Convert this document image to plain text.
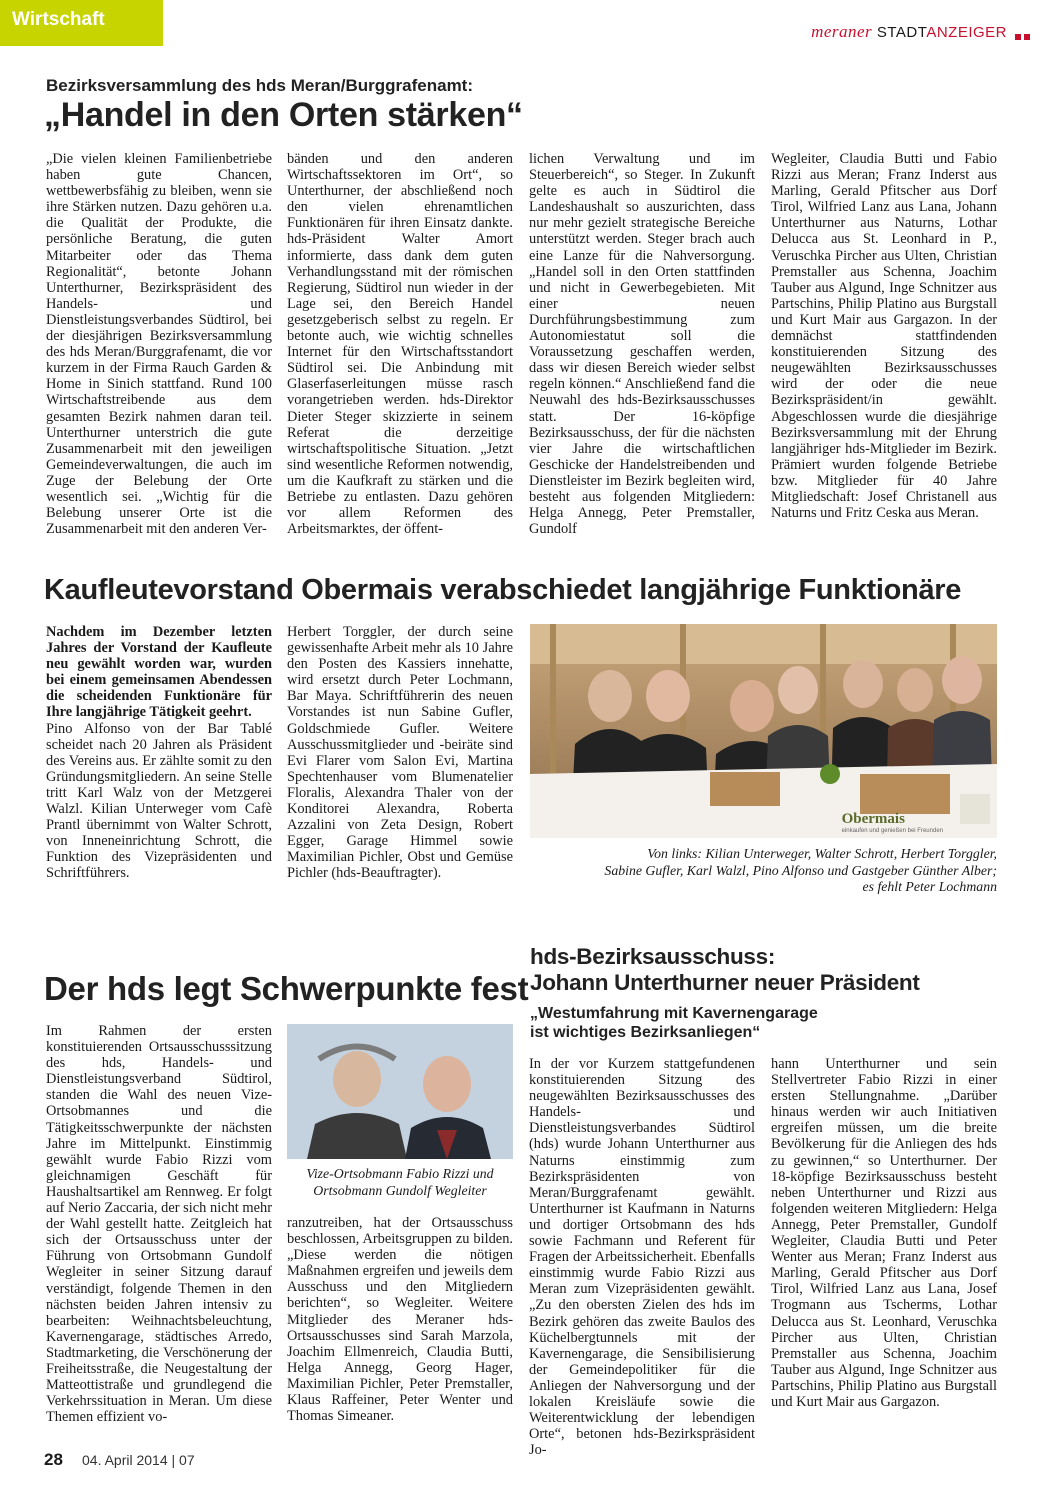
Wirtschaft
meraner STADTANZEIGER
Bezirksversammlung des hds Meran/Burggrafenamt:
„Handel in den Orten stärken“

„Die vielen kleinen Familienbetriebe haben gute Chancen, wettbewerbsfähig zu bleiben, wenn sie ihre Stärken nutzen. Dazu gehören u.a. die Qualität der Produkte, die persönliche Beratung, die guten Mitarbeiter oder das Thema Regionalität“, betonte Johann Unterthurner, Bezirkspräsident des Handels- und Dienstleistungsverbandes Südtirol, bei der diesjährigen Bezirksversammlung des hds Meran/Burggrafenamt, die vor kurzem in der Firma Rauch Garden & Home in Sinich stattfand. Rund 100 Wirtschaftstreibende aus dem gesamten Bezirk nahmen daran teil. Unterthurner unterstrich die gute Zusammenarbeit mit den jeweiligen Gemeindeverwaltungen, die auch im Zuge der Belebung der Orte wesentlich sei. „Wichtig für die Belebung unserer Orte ist die Zusammenarbeit mit den anderen Ver-

bänden und den anderen Wirtschaftssektoren im Ort“, so Unterthurner, der abschließend noch den vielen ehrenamtlichen Funktionären für ihren Einsatz dankte. hds-Präsident Walter Amort informierte, dass dank dem guten Verhandlungsstand mit der römischen Regierung, Südtirol nun wieder in der Lage sei, den Bereich Handel gesetzgeberisch selbst zu regeln. Er betonte auch, wie wichtig schnelles Internet für den Wirtschaftsstandort Südtirol sei. Die Anbindung mit Glaserfaserleitungen müsse rasch vorangetrieben werden. hds-Direktor Dieter Steger skizzierte in seinem Referat die derzeitige wirtschaftspolitische Situation. „Jetzt sind wesentliche Reformen notwendig, um die Kaufkraft zu stärken und die Betriebe zu entlasten. Dazu gehören vor allem Reformen des Arbeitsmarktes, der öffent-

lichen Verwaltung und im Steuerbereich“, so Steger. In Zukunft gelte es auch in Südtirol die Landeshaushalt so auszurichten, dass nur mehr gezielt strategische Bereiche unterstützt werden. Steger brach auch eine Lanze für die Nahversorgung. „Handel soll in den Orten stattfinden und nicht in Gewerbegebieten. Mit einer neuen Durchführungsbestimmung zum Autonomiestatut soll die Voraussetzung geschaffen werden, dass wir diesen Bereich wieder selbst regeln können.“ Anschließend fand die Neuwahl des hds-Bezirksausschusses statt. Der 16-köpfige Bezirksausschuss, der für die nächsten vier Jahre die wirtschaftlichen Geschicke der Handelstreibenden und Dienstleister im Bezirk begleiten wird, besteht aus folgenden Mitgliedern: Helga Annegg, Peter Premstaller, Gundolf

Wegleiter, Claudia Butti und Fabio Rizzi aus Meran; Franz Inderst aus Marling, Gerald Pfitscher aus Dorf Tirol, Wilfried Lanz aus Lana, Johann Unterthurner aus Naturns, Lothar Delucca aus St. Leonhard in P., Veruschka Pircher aus Ulten, Christian Premstaller aus Schenna, Joachim Tauber aus Algund, Inge Schnitzer aus Partschins, Philip Platino aus Burgstall und Kurt Mair aus Gargazon. In der demnächst stattfindenden konstituierenden Sitzung des neugewählten Bezirksausschusses wird der oder die neue Bezirkspräsident/in gewählt. Abgeschlossen wurde die diesjährige Bezirksversammlung mit der Ehrung langjähriger hds-Mitglieder im Bezirk. Prämiert wurden folgende Betriebe bzw. Mitglieder für 40 Jahre Mitgliedschaft: Josef Christanell aus Naturns und Fritz Ceska aus Meran.

Kaufleutevorstand Obermais verabschiedet langjährige Funktionäre

Nachdem im Dezember letzten Jahres der Vorstand der Kaufleute neu gewählt worden war, wurden bei einem gemeinsamen Abendessen die scheidenden Funktionäre für Ihre langjährige Tätigkeit geehrt.

Pino Alfonso von der Bar Tablé scheidet nach 20 Jahren als Präsident des Vereins aus. Er zählte somit zu den Gründungsmitgliedern. An seine Stelle tritt Karl Walz von der Metzgerei Walzl. Kilian Unterweger vom Cafè Prantl übernimmt von Walter Schrott, von Inneneinrichtung Schrott, die Funktion des Vizepräsidenten und Schriftführers.

Herbert Torggler, der durch seine gewissenhafte Arbeit mehr als 10 Jahre den Posten des Kassiers innehatte, wird ersetzt durch Peter Lochmann, Bar Maya. Schriftführerin des neuen Vorstandes ist nun Sabine Gufler, Goldschmiede Gufler. Weitere Ausschussmitglieder und -beiräte sind Evi Flarer vom Salon Evi, Martina Spechtenhauser vom Blumenatelier Floralis, Alexandra Thaler von der Konditorei Alexandra, Roberta Azzalini von Zeta Design, Robert Egger, Garage Himmel sowie Maximilian Pichler, Obst und Gemüse Pichler (hds-Beauftragter).

Obermais
einkaufen und genießen bei Freunden
Von links: Kilian Unterweger, Walter Schrott, Herbert Torggler,
Sabine Gufler, Karl Walzl, Pino Alfonso und Gastgeber Günther Alber;
es fehlt Peter Lochmann
Der hds legt Schwerpunkte fest

Im Rahmen der ersten konstituierenden Ortsausschusssitzung des hds, Handels- und Dienstleistungsverband Südtirol, standen die Wahl des neuen Vize-Ortsobmannes und die Tätigkeitsschwerpunkte der nächsten Jahre im Mittelpunkt. Einstimmig gewählt wurde Fabio Rizzi vom gleichnamigen Geschäft für Haushaltsartikel am Rennweg. Er folgt auf Nerio Zaccaria, der sich nicht mehr der Wahl gestellt hatte. Zeitgleich hat sich der Ortsausschuss unter der Führung von Ortsobmann Gundolf Wegleiter in seiner Sitzung darauf verständigt, folgende Themen in den nächsten beiden Jahren intensiv zu bearbeiten: Weihnachtsbeleuchtung, Kavernengarage, städtisches Arredo, Stadtmarketing, die Verschönerung der Freiheitsstraße, die Neugestaltung der Matteottistraße und grundlegend die Verkehrssituation in Meran. Um diese Themen effizient vo-

Vize-Ortsobmann Fabio Rizzi und
Ortsobmann Gundolf Wegleiter

ranzutreiben, hat der Ortsausschuss beschlossen, Arbeitsgruppen zu bilden. „Diese werden die nötigen Maßnahmen ergreifen und jeweils dem Ausschuss und den Mitgliedern berichten“, so Wegleiter. Weitere Mitglieder des Meraner hds-Ortsausschusses sind Sarah Marzola, Joachim Ellmenreich, Claudia Butti, Helga Annegg, Georg Hager, Maximilian Pichler, Peter Premstaller, Klaus Raffeiner, Peter Wenter und Thomas Simeaner.

hds-Bezirksausschuss:
Johann Unterthurner neuer Präsident
„Westumfahrung mit Kavernengarage
ist wichtiges Bezirksanliegen“

In der vor Kurzem stattgefundenen konstituierenden Sitzung des neugewählten Bezirksausschusses des Handels- und Dienstleistungsverbandes Südtirol (hds) wurde Johann Unterthurner aus Naturns einstimmig zum Bezirkspräsidenten von Meran/Burggrafenamt gewählt. Unterthurner ist Kaufmann in Naturns und dortiger Ortsobmann des hds sowie Fachmann und Referent für Fragen der Arbeitssicherheit. Ebenfalls einstimmig wurde Fabio Rizzi aus Meran zum Vizepräsidenten gewählt. „Zu den obersten Zielen des hds im Bezirk gehören das zweite Baulos des Küchelbergtunnels mit der Kavernengarage, die Sensibilisierung der Gemeindepolitiker für die Anliegen der Nahversorgung und der lokalen Kreisläufe sowie die Weiterentwicklung der lebendigen Orte“, betonen hds-Bezirkspräsident Jo-

hann Unterthurner und sein Stellvertreter Fabio Rizzi in einer ersten Stellungnahme. „Darüber hinaus werden wir auch Initiativen ergreifen müssen, um die breite Bevölkerung für die Anliegen des hds zu gewinnen,“ so Unterthurner. Der 18-köpfige Bezirksausschuss besteht neben Unterthurner und Rizzi aus folgenden weiteren Mitgliedern: Helga Annegg, Peter Premstaller, Gundolf Wegleiter, Claudia Butti und Peter Wenter aus Meran; Franz Inderst aus Marling, Gerald Pfitscher aus Dorf Tirol, Wilfried Lanz aus Lana, Josef Trogmann aus Tscherms, Lothar Delucca aus St. Leonhard, Veruschka Pircher aus Ulten, Christian Premstaller aus Schenna, Joachim Tauber aus Algund, Inge Schnitzer aus Partschins, Philip Platino aus Burgstall und Kurt Mair aus Gargazon.

28 04. April 2014 | 07
